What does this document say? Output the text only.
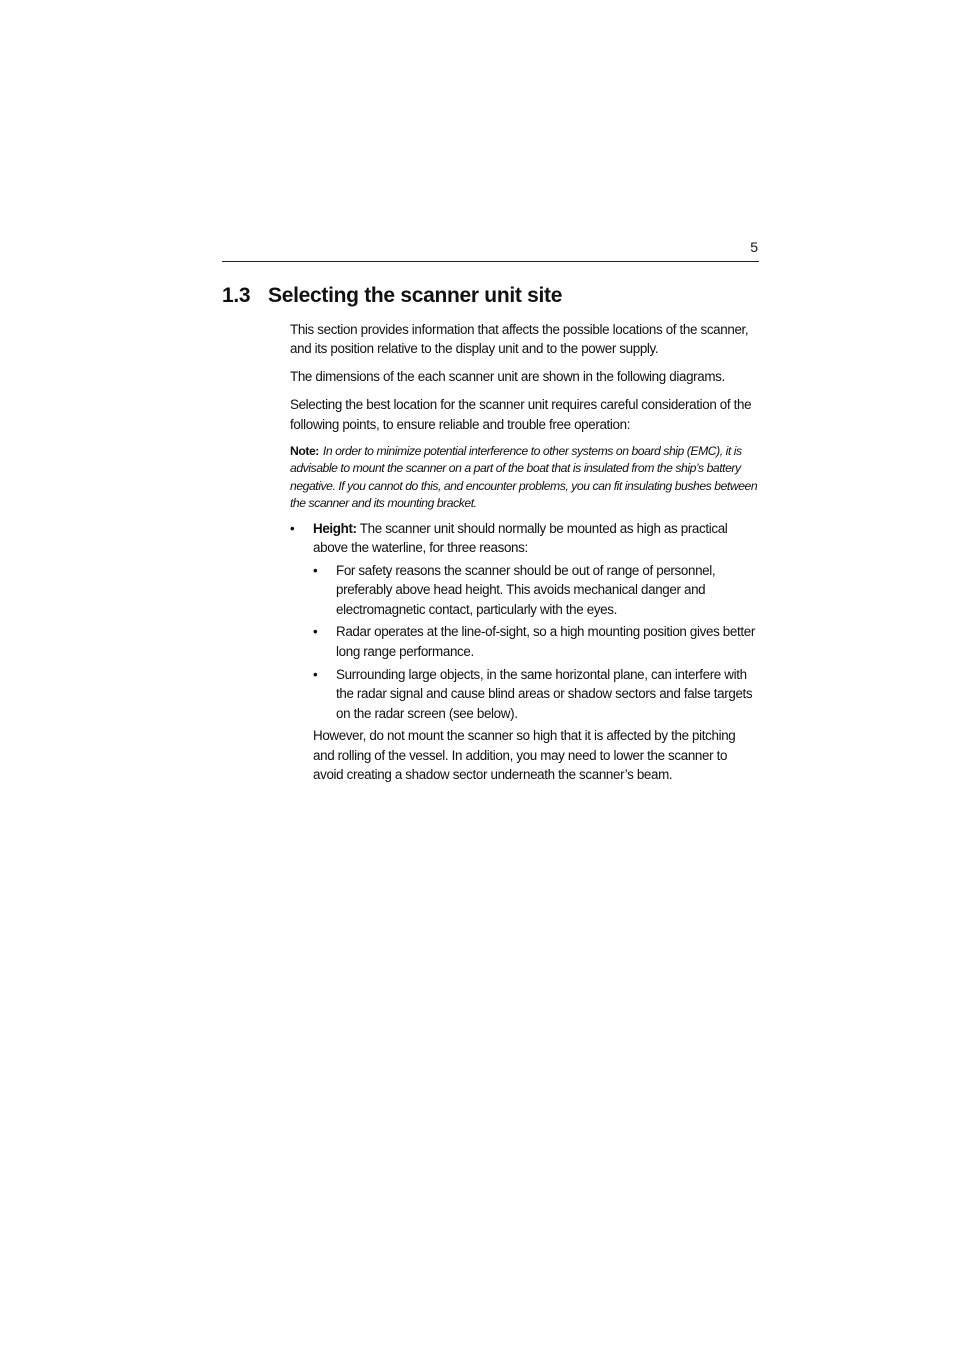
5
1.3 Selecting the scanner unit site

This section provides information that affects the possible locations of the scanner, and its position relative to the display unit and to the power supply.

The dimensions of the each scanner unit are shown in the following diagrams.

Selecting the best location for the scanner unit requires careful consideration of the following points, to ensure reliable and trouble free operation:

Note: In order to minimize potential interference to other systems on board ship (EMC), it is advisable to mount the scanner on a part of the boat that is insulated from the ship’s battery negative. If you cannot do this, and encounter problems, you can fit insulating bushes between the scanner and its mounting bracket.

• Height: The scanner unit should normally be mounted as high as practical above the waterline, for three reasons:
• For safety reasons the scanner should be out of range of personnel, preferably above head height. This avoids mechanical danger and electromagnetic contact, particularly with the eyes.
• Radar operates at the line-of-sight, so a high mounting position gives better long range performance.
• Surrounding large objects, in the same horizontal plane, can interfere with the radar signal and cause blind areas or shadow sectors and false targets on the radar screen (see below).

However, do not mount the scanner so high that it is affected by the pitching and rolling of the vessel. In addition, you may need to lower the scanner to avoid creating a shadow sector underneath the scanner’s beam.
